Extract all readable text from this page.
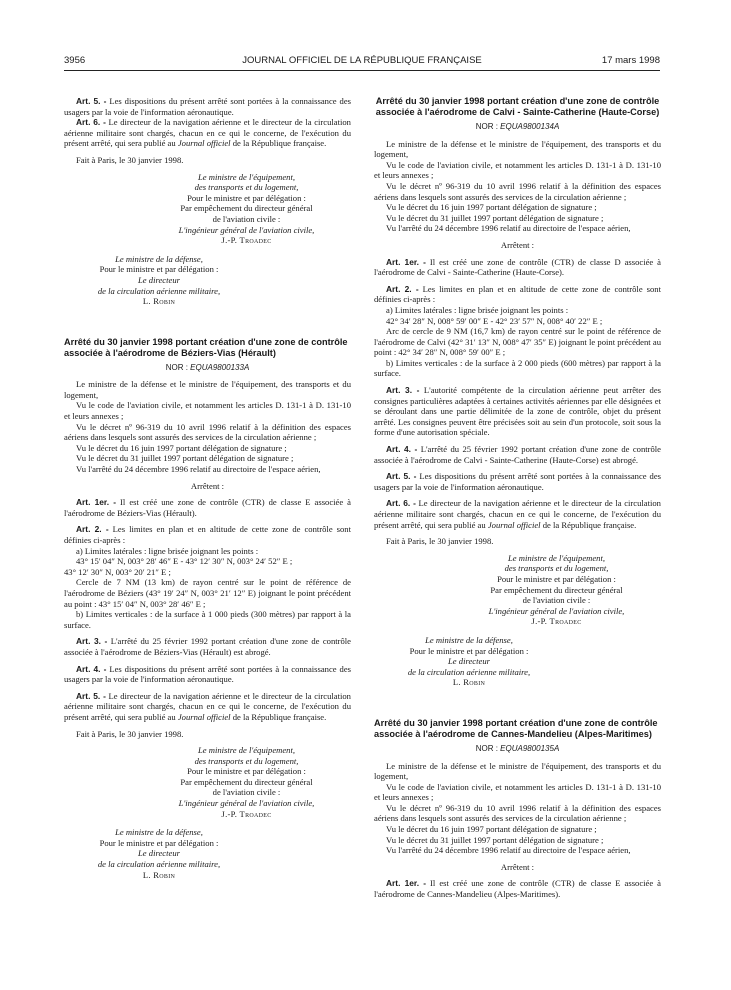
3956	JOURNAL OFFICIEL DE LA RÉPUBLIQUE FRANÇAISE	17 mars 1998

Art. 5. - Les dispositions du présent arrêté sont portées à la connaissance des usagers par la voie de l'information aéronautique.

Art. 6. - Le directeur de la navigation aérienne et le directeur de la circulation aérienne militaire sont chargés, chacun en ce qui le concerne, de l'exécution du présent arrêté, qui sera publié au Journal officiel de la République française.

Fait à Paris, le 30 janvier 1998.

Le ministre de l'équipement,
des transports et du logement,
Pour le ministre et par délégation :
Par empêchement du directeur général
de l'aviation civile :
L'ingénieur général de l'aviation civile,
J.-P. Troadec
Le ministre de la défense,
Pour le ministre et par délégation :
Le directeur
de la circulation aérienne militaire,
L. Robin

Arrêté du 30 janvier 1998 portant création d'une zone de contrôle associée à l'aérodrome de Béziers-Vias (Hérault)

NOR : EQUA9800133A

Le ministre de la défense et le ministre de l'équipement, des transports et du logement,

Vu le code de l'aviation civile, et notamment les articles D. 131-1 à D. 131-10 et leurs annexes ;

Vu le décret nº 96-319 du 10 avril 1996 relatif à la définition des espaces aériens dans lesquels sont assurés des services de la circulation aérienne ;

Vu le décret du 16 juin 1997 portant délégation de signature ;

Vu le décret du 31 juillet 1997 portant délégation de signature ;

Vu l'arrêté du 24 décembre 1996 relatif au directoire de l'espace aérien,

Arrêtent :

Art. 1er. - Il est créé une zone de contrôle (CTR) de classe E associée à l'aérodrome de Béziers-Vias (Hérault).

Art. 2. - Les limites en plan et en altitude de cette zone de contrôle sont définies ci-après :

a) Limites latérales : ligne brisée joignant les points :

43° 15′ 04″ N, 003° 28′ 46″ E - 43° 12′ 30″ N, 003° 24′ 52″ E ;

43° 12′ 30″ N, 003° 20′ 21″ E ;

Cercle de 7 NM (13 km) de rayon centré sur le point de référence de l'aérodrome de Béziers (43° 19′ 24″ N, 003° 21′ 12″ E) joignant le point précédent au point : 43° 15′ 04″ N, 003° 28′ 46″ E ;

b) Limites verticales : de la surface à 1 000 pieds (300 mètres) par rapport à la surface.

Art. 3. - L'arrêté du 25 février 1992 portant création d'une zone de contrôle associée à l'aérodrome de Béziers-Vias (Hérault) est abrogé.

Art. 4. - Les dispositions du présent arrêté sont portées à la connaissance des usagers par la voie de l'information aéronautique.

Art. 5. - Le directeur de la navigation aérienne et le directeur de la circulation aérienne militaire sont chargés, chacun en ce qui le concerne, de l'exécution du présent arrêté, qui sera publié au Journal officiel de la République française.

Fait à Paris, le 30 janvier 1998.

Le ministre de l'équipement,
des transports et du logement,
Pour le ministre et par délégation :
Par empêchement du directeur général
de l'aviation civile :
L'ingénieur général de l'aviation civile,
J.-P. Troadec
Le ministre de la défense,
Pour le ministre et par délégation :
Le directeur
de la circulation aérienne militaire,
L. Robin

Arrêté du 30 janvier 1998 portant création d'une zone de contrôle associée à l'aérodrome de Calvi - Sainte-Catherine (Haute-Corse)

NOR : EQUA9800134A

Le ministre de la défense et le ministre de l'équipement, des transports et du logement,

Vu le code de l'aviation civile, et notamment les articles D. 131-1 à D. 131-10 et leurs annexes ;

Vu le décret nº 96-319 du 10 avril 1996 relatif à la définition des espaces aériens dans lesquels sont assurés des services de la circulation aérienne ;

Vu le décret du 16 juin 1997 portant délégation de signature ;

Vu le décret du 31 juillet 1997 portant délégation de signature ;

Vu l'arrêté du 24 décembre 1996 relatif au directoire de l'espace aérien,

Arrêtent :

Art. 1er. - Il est créé une zone de contrôle (CTR) de classe D associée à l'aérodrome de Calvi - Sainte-Catherine (Haute-Corse).

Art. 2. - Les limites en plan et en altitude de cette zone de contrôle sont définies ci-après :

a) Limites latérales : ligne brisée joignant les points :

42° 34′ 28″ N, 008° 59′ 00″ E - 42° 23′ 57″ N, 008° 40′ 22″ E ;

Arc de cercle de 9 NM (16,7 km) de rayon centré sur le point de référence de l'aérodrome de Calvi (42° 31′ 13″ N, 008° 47′ 35″ E) joignant le point précédent au point : 42° 34′ 28″ N, 008° 59′ 00″ E ;

b) Limites verticales : de la surface à 2 000 pieds (600 mètres) par rapport à la surface.

Art. 3. - L'autorité compétente de la circulation aérienne peut arrêter des consignes particulières adaptées à certaines activités aériennes par elle désignées et se déroulant dans une partie délimitée de la zone de contrôle, objet du présent arrêté. Les consignes peuvent être précisées soit au sein d'un protocole, soit sous la forme d'une autorisation spéciale.

Art. 4. - L'arrêté du 25 février 1992 portant création d'une zone de contrôle associée à l'aérodrome de Calvi - Sainte-Catherine (Haute-Corse) est abrogé.

Art. 5. - Les dispositions du présent arrêté sont portées à la connaissance des usagers par la voie de l'information aéronautique.

Art. 6. - Le directeur de la navigation aérienne et le directeur de la circulation aérienne militaire sont chargés, chacun en ce qui le concerne, de l'exécution du présent arrêté, qui sera publié au Journal officiel de la République française.

Fait à Paris, le 30 janvier 1998.

Le ministre de l'équipement,
des transports et du logement,
Pour le ministre et par délégation :
Par empêchement du directeur général
de l'aviation civile :
L'ingénieur général de l'aviation civile,
J.-P. Troadec
Le ministre de la défense,
Pour le ministre et par délégation :
Le directeur
de la circulation aérienne militaire,
L. Robin

Arrêté du 30 janvier 1998 portant création d'une zone de contrôle associée à l'aérodrome de Cannes-Mandelieu (Alpes-Maritimes)

NOR : EQUA9800135A

Le ministre de la défense et le ministre de l'équipement, des transports et du logement,

Vu le code de l'aviation civile, et notamment les articles D. 131-1 à D. 131-10 et leurs annexes ;

Vu le décret nº 96-319 du 10 avril 1996 relatif à la définition des espaces aériens dans lesquels sont assurés des services de la circulation aérienne ;

Vu le décret du 16 juin 1997 portant délégation de signature ;

Vu le décret du 31 juillet 1997 portant délégation de signature ;

Vu l'arrêté du 24 décembre 1996 relatif au directoire de l'espace aérien,

Arrêtent :

Art. 1er. - Il est créé une zone de contrôle (CTR) de classe E associée à l'aérodrome de Cannes-Mandelieu (Alpes-Maritimes).
